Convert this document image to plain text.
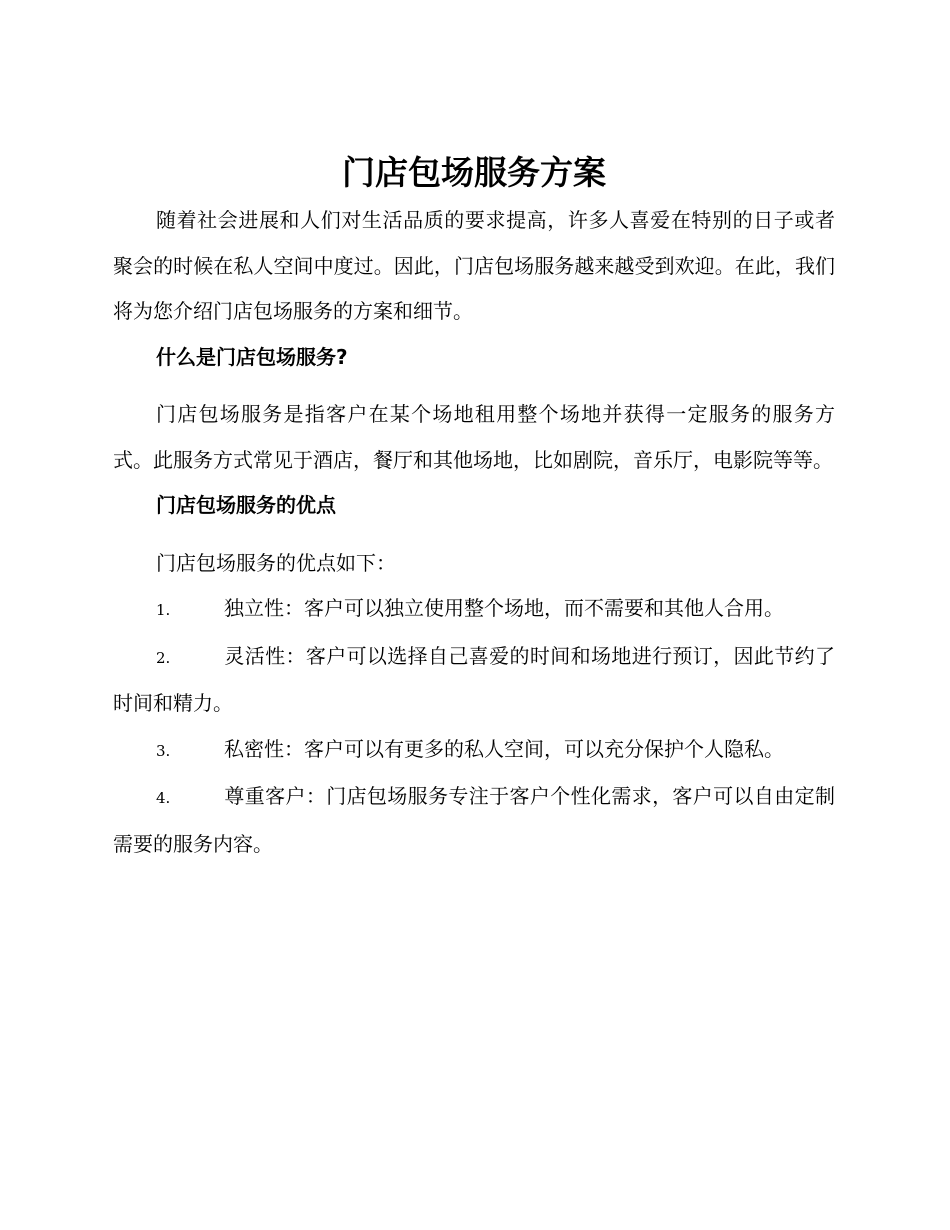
门店包场服务方案

随着社会进展和人们对生活品质的要求提高，许多人喜爱在特别的日子或者聚会的时候在私人空间中度过。因此，门店包场服务越来越受到欢迎。在此，我们将为您介绍门店包场服务的方案和细节。

什么是门店包场服务?

门店包场服务是指客户在某个场地租用整个场地并获得一定服务的服务方式。此服务方式常见于酒店，餐厅和其他场地，比如剧院，音乐厅，电影院等等。

门店包场服务的优点

门店包场服务的优点如下：

1.	独立性：客户可以独立使用整个场地，而不需要和其他人合用。

2.	灵活性：客户可以选择自己喜爱的时间和场地进行预订，因此节约了时间和精力。

3.	私密性：客户可以有更多的私人空间，可以充分保护个人隐私。

4.	尊重客户：门店包场服务专注于客户个性化需求，客户可以自由定制需要的服务内容。
